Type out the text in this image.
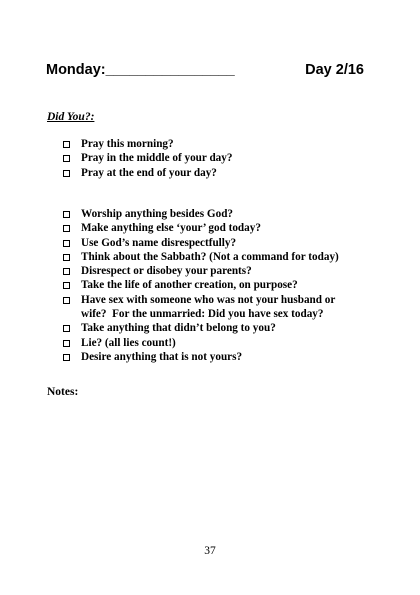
Monday:________________	Day 2/16
Did You?:
Pray this morning?
Pray in the middle of your day?
Pray at the end of your day?
Worship anything besides God?
Make anything else ‘your’ god today?
Use God’s name disrespectfully?
Think about the Sabbath? (Not a command for today)
Disrespect or disobey your parents?
Take the life of another creation, on purpose?
Have sex with someone who was not your husband or
wife?  For the unmarried: Did you have sex today?
Take anything that didn’t belong to you?
Lie? (all lies count!)
Desire anything that is not yours?
Notes:
37
